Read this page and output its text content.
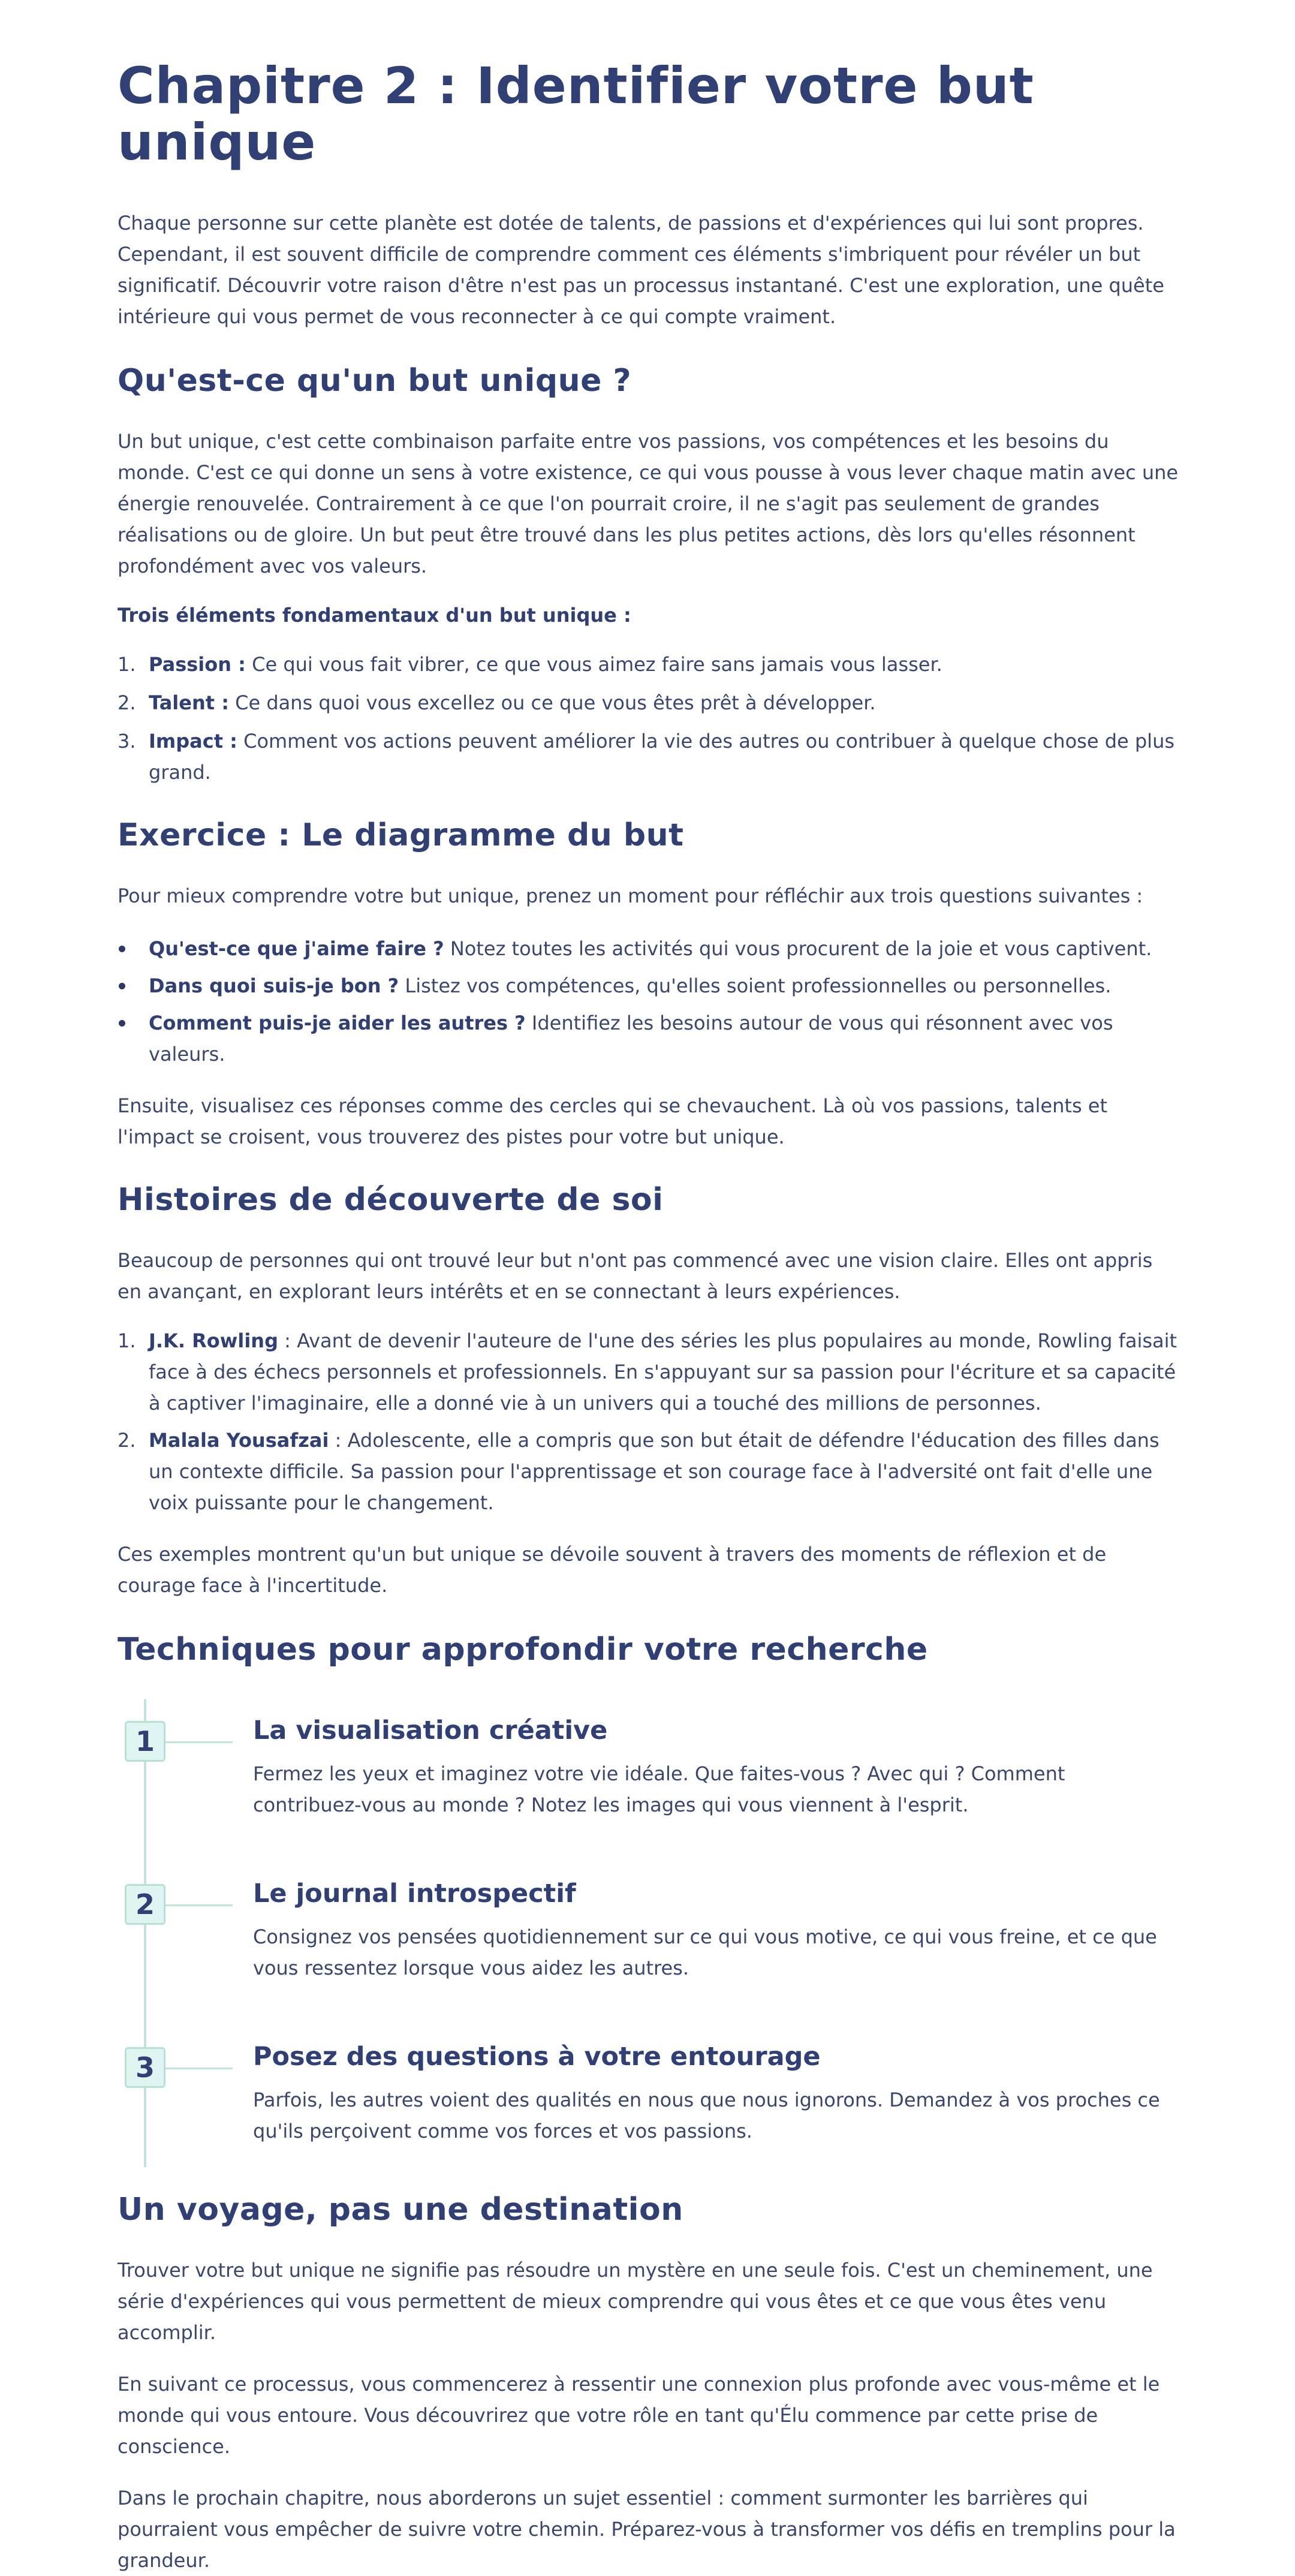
Chapitre 2 : Identifier votre but unique

Chaque personne sur cette planète est dotée de talents, de passions et d'expériences qui lui sont propres. Cependant, il est souvent difficile de comprendre comment ces éléments s'imbriquent pour révéler un but significatif. Découvrir votre raison d'être n'est pas un processus instantané. C'est une exploration, une quête intérieure qui vous permet de vous reconnecter à ce qui compte vraiment.

Qu'est-ce qu'un but unique ?

Un but unique, c'est cette combinaison parfaite entre vos passions, vos compétences et les besoins du monde. C'est ce qui donne un sens à votre existence, ce qui vous pousse à vous lever chaque matin avec une énergie renouvelée. Contrairement à ce que l'on pourrait croire, il ne s'agit pas seulement de grandes réalisations ou de gloire. Un but peut être trouvé dans les plus petites actions, dès lors qu'elles résonnent profondément avec vos valeurs.

Trois éléments fondamentaux d'un but unique :

1. Passion : Ce qui vous fait vibrer, ce que vous aimez faire sans jamais vous lasser.
2. Talent : Ce dans quoi vous excellez ou ce que vous êtes prêt à développer.
3. Impact : Comment vos actions peuvent améliorer la vie des autres ou contribuer à quelque chose de plus grand.
Exercice : Le diagramme du but

Pour mieux comprendre votre but unique, prenez un moment pour réfléchir aux trois questions suivantes :

Qu'est-ce que j'aime faire ? Notez toutes les activités qui vous procurent de la joie et vous captivent.
Dans quoi suis-je bon ? Listez vos compétences, qu'elles soient professionnelles ou personnelles.
Comment puis-je aider les autres ? Identifiez les besoins autour de vous qui résonnent avec vos valeurs.

Ensuite, visualisez ces réponses comme des cercles qui se chevauchent. Là où vos passions, talents et l'impact se croisent, vous trouverez des pistes pour votre but unique.

Histoires de découverte de soi

Beaucoup de personnes qui ont trouvé leur but n'ont pas commencé avec une vision claire. Elles ont appris en avançant, en explorant leurs intérêts et en se connectant à leurs expériences.

1. J.K. Rowling : Avant de devenir l'auteure de l'une des séries les plus populaires au monde, Rowling faisait face à des échecs personnels et professionnels. En s'appuyant sur sa passion pour l'écriture et sa capacité à captiver l'imaginaire, elle a donné vie à un univers qui a touché des millions de personnes.
2. Malala Yousafzai : Adolescente, elle a compris que son but était de défendre l'éducation des filles dans un contexte difficile. Sa passion pour l'apprentissage et son courage face à l'adversité ont fait d'elle une voix puissante pour le changement.

Ces exemples montrent qu'un but unique se dévoile souvent à travers des moments de réflexion et de courage face à l'incertitude.

Techniques pour approfondir votre recherche
1	La visualisation créative

Fermez les yeux et imaginez votre vie idéale. Que faites-vous ? Avec qui ? Comment contribuez-vous au monde ? Notez les images qui vous viennent à l'esprit.

2	Le journal introspectif

Consignez vos pensées quotidiennement sur ce qui vous motive, ce qui vous freine, et ce que vous ressentez lorsque vous aidez les autres.

3	Posez des questions à votre entourage

Parfois, les autres voient des qualités en nous que nous ignorons. Demandez à vos proches ce qu'ils perçoivent comme vos forces et vos passions.

Un voyage, pas une destination

Trouver votre but unique ne signifie pas résoudre un mystère en une seule fois. C'est un cheminement, une série d'expériences qui vous permettent de mieux comprendre qui vous êtes et ce que vous êtes venu accomplir.

En suivant ce processus, vous commencerez à ressentir une connexion plus profonde avec vous-même et le monde qui vous entoure. Vous découvrirez que votre rôle en tant qu'Élu commence par cette prise de conscience.

Dans le prochain chapitre, nous aborderons un sujet essentiel : comment surmonter les barrières qui pourraient vous empêcher de suivre votre chemin. Préparez-vous à transformer vos défis en tremplins pour la grandeur.
